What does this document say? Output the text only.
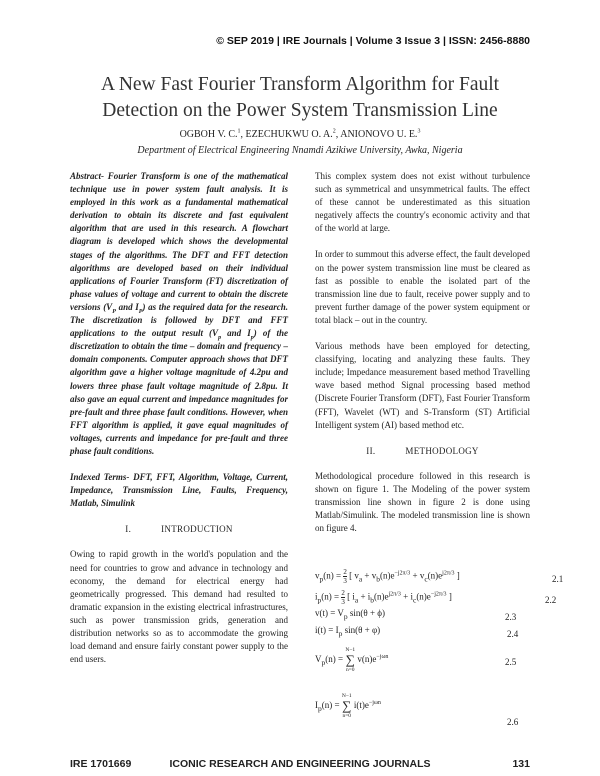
© SEP 2019 | IRE Journals | Volume 3 Issue 3 | ISSN: 2456-8880
A New Fast Fourier Transform Algorithm for Fault
Detection on the Power System Transmission Line
OGBOH V. C.$^1$, EZECHUKWU O. A.$^2$, ANIONOVO U. E.$^3$
Department of Electrical Engineering Nnamdi Azikiwe University, Awka, Nigeria

Abstract- Fourier Transform is one of the mathematical technique use in power system fault analysis. It is employed in this work as a fundamental mathematical derivation to obtain its discrete and fast equivalent algorithm that are used in this research. A flowchart diagram is developed which shows the developmental stages of the algorithms. The DFT and FFT detection algorithms are developed based on their individual applications of Fourier Transform (FT) discretization of phase values of voltage and current to obtain the discrete versions ($V_P$ and $I_P$) as the required data for the research. The discretization is followed by DFT and FFT applications to the output result ($V_p$ and $I_p$) of the discretization to obtain the time – domain and frequency – domain components. Computer approach shows that DFT algorithm gave a higher voltage magnitude of 4.2pu and lowers three phase fault voltage magnitude of 2.8pu. It also gave an equal current and impedance magnitudes for pre-fault and three phase fault conditions. However, when FFT algorithm is applied, it gave equal magnitudes of voltages, currents and impedance for pre-fault and three phase fault conditions.

Indexed Terms- DFT, FFT, Algorithm, Voltage, Current, Impedance, Transmission Line, Faults, Frequency, Matlab, Simulink

I.	INTRODUCTION

Owing to rapid growth in the world's population and the need for countries to grow and advance in technology and economy, the demand for electrical energy had geometrically progressed. This demand had resulted to dramatic expansion in the existing electrical infrastructures, such as power transmission grids, generation and distribution networks so as to accommodate the growing load demand and ensure fairly constant power supply to the end users.

This complex system does not exist without turbulence such as symmetrical and unsymmetrical faults. The effect of these cannot be underestimated as this situation negatively affects the country's economic activity and that of the world at large.

In order to summout this adverse effect, the fault developed on the power system transmission line must be cleared as fast as possible to enable the isolated part of the transmission line due to fault, receive power supply and to prevent further damage of the power system equipment or total black – out in the country.

Various methods have been employed for detecting, classifying, locating and analyzing these faults. They include; Impedance measurement based method Travelling wave based method Signal processing based method (Discrete Fourier Transform (DFT), Fast Fourier Transform (FFT), Wavelet (WT) and S-Transform (ST) Artificial Intelligent system (AI) based method etc.

II.	METHODOLOGY

Methodological procedure followed in this research is shown on figure 1. The Modeling of the power system transmission line shown in figure 2 is done using Matlab/Simulink. The modeled transmission line is shown on figure 4.

$v_p(n) = \frac{2}{3}$ [ $v_a + v_b(n)e^{-j2\pi/3} + v_c(n)e^{j2\pi/3}$ ]	2.1
$i_p(n) = \frac{2}{3}$ [ $i_a + i_b(n)e^{j2\pi/3} + i_c(n)e^{-j2\pi/3}$ ]	2.2
$v(t) = V_p$ sin(θ + ϕ)	2.3
$i(t) = I_p$ sin(θ + φ)	2.4
$V_p(n)$ =
N−1
∑
n=0
$v(n)e^{-j\omega n}$	2.5
$I_p(n)$ =
N−1
∑
n=0
$i(t)e^{-j\omega n}$
2.6
IRE 1701669	ICONIC RESEARCH AND ENGINEERING JOURNALS	131
